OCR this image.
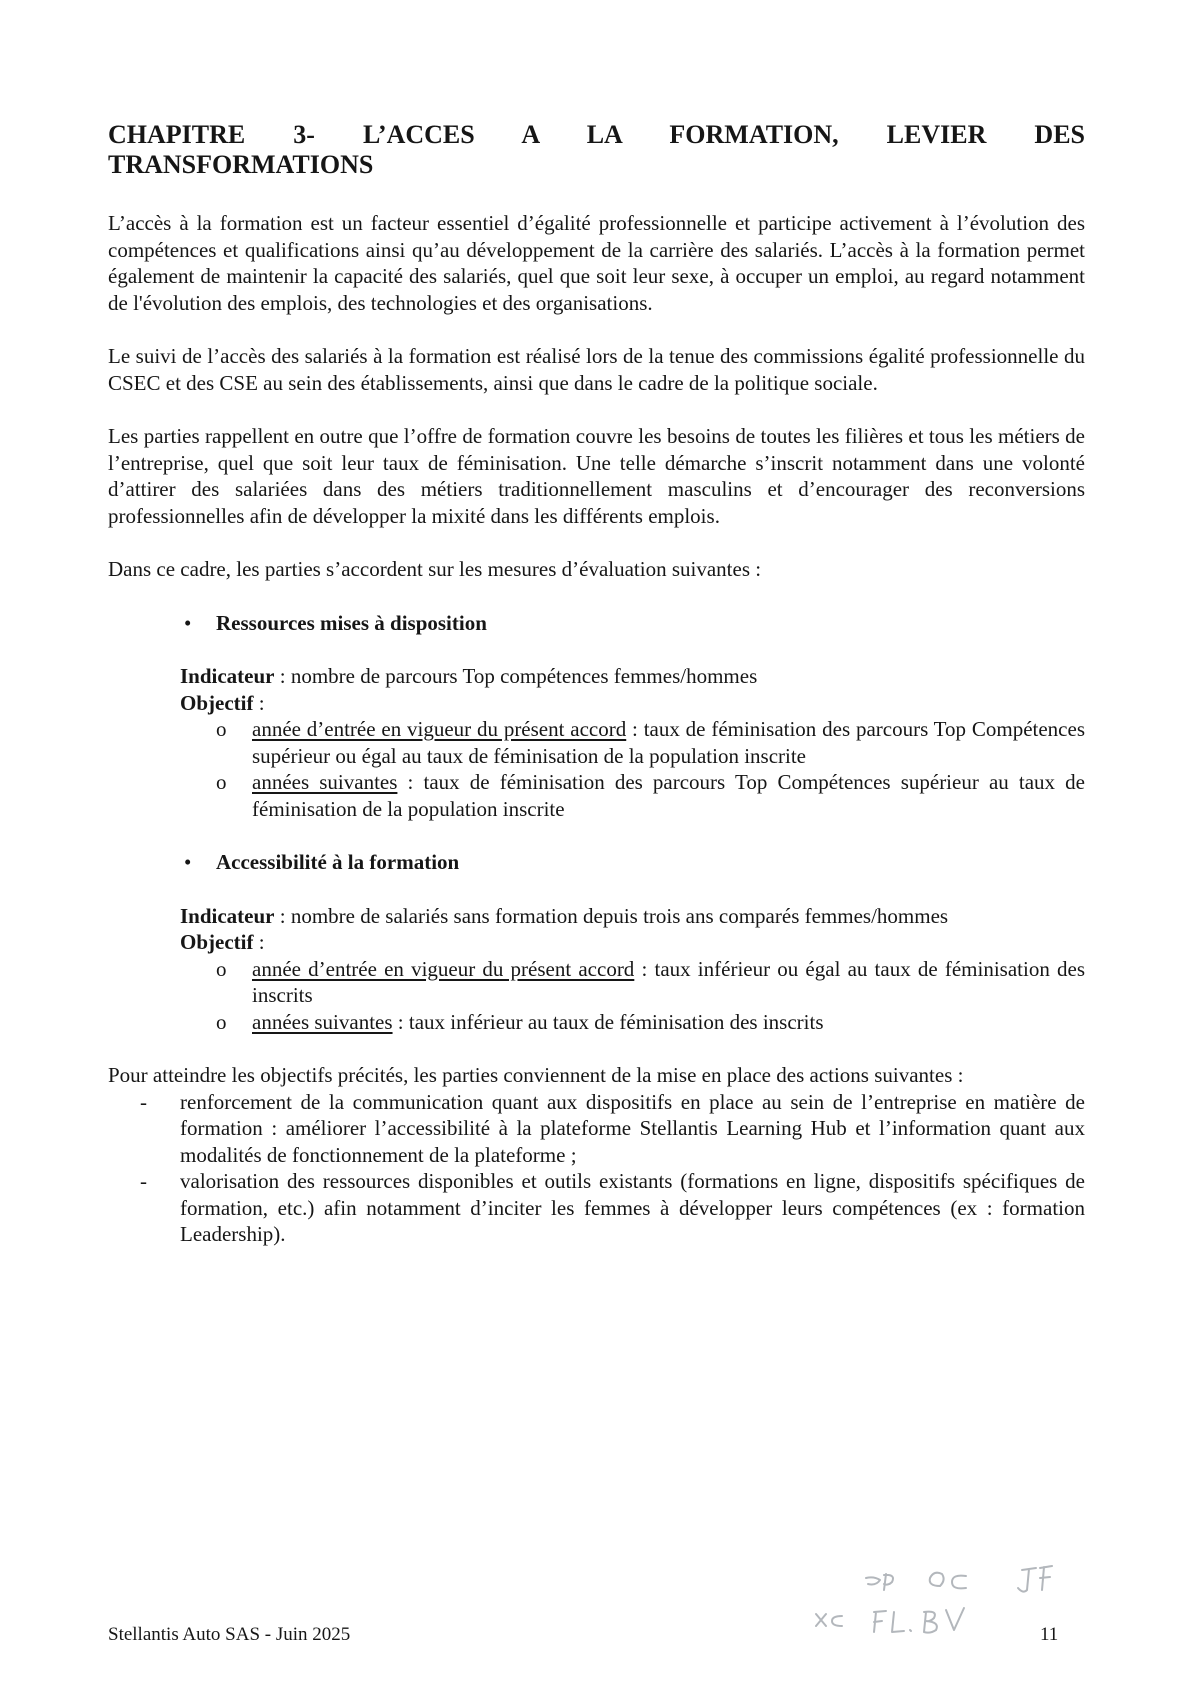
CHAPITRE 3- L’ACCES A LA FORMATION, LEVIER DES
TRANSFORMATIONS

L’accès à la formation est un facteur essentiel d’égalité professionnelle et participe activement à l’évolution des compétences et qualifications ainsi qu’au développement de la carrière des salariés. L’accès à la formation permet également de maintenir la capacité des salariés, quel que soit leur sexe, à occuper un emploi, au regard notamment de l'évolution des emplois, des technologies et des organisations.

Le suivi de l’accès des salariés à la formation est réalisé lors de la tenue des commissions égalité professionnelle du CSEC et des CSE au sein des établissements, ainsi que dans le cadre de la politique sociale.

Les parties rappellent en outre que l’offre de formation couvre les besoins de toutes les filières et tous les métiers de l’entreprise, quel que soit leur taux de féminisation. Une telle démarche s’inscrit notamment dans une volonté d’attirer des salariées dans des métiers traditionnellement masculins et d’encourager des reconversions professionnelles afin de développer la mixité dans les différents emplois.

Dans ce cadre, les parties s’accordent sur les mesures d’évaluation suivantes :

• Ressources mises à disposition
Indicateur : nombre de parcours Top compétences femmes/hommes
Objectif :
o année d’entrée en vigueur du présent accord : taux de féminisation des parcours Top Compétences supérieur ou égal au taux de féminisation de la population inscrite
o années suivantes : taux de féminisation des parcours Top Compétences supérieur au taux de féminisation de la population inscrite
• Accessibilité à la formation
Indicateur : nombre de salariés sans formation depuis trois ans comparés femmes/hommes
Objectif :
o année d’entrée en vigueur du présent accord : taux inférieur ou égal au taux de féminisation des inscrits
o années suivantes : taux inférieur au taux de féminisation des inscrits

Pour atteindre les objectifs précités, les parties conviennent de la mise en place des actions suivantes :

- renforcement de la communication quant aux dispositifs en place au sein de l’entreprise en matière de formation : améliorer l’accessibilité à la plateforme Stellantis Learning Hub et l’information quant aux modalités de fonctionnement de la plateforme ;
- valorisation des ressources disponibles et outils existants (formations en ligne, dispositifs spécifiques de formation, etc.) afin notamment d’inciter les femmes à développer leurs compétences (ex : formation Leadership).
Stellantis Auto SAS - Juin 2025	11
